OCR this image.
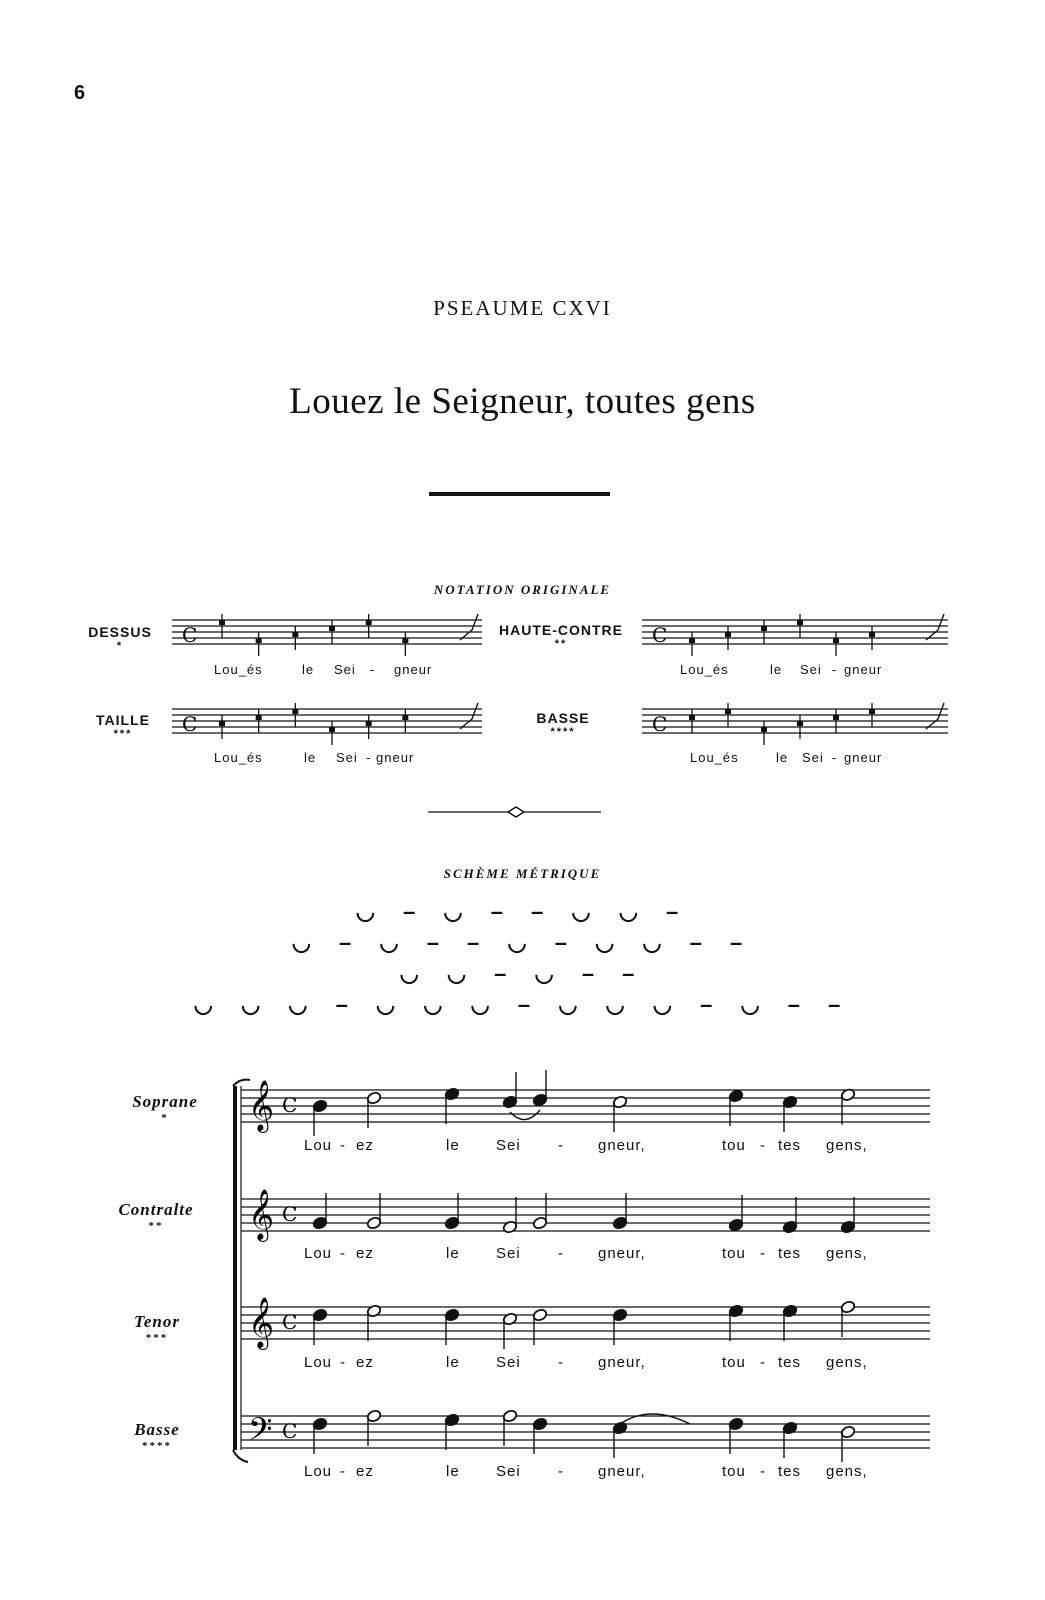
6
PSEAUME CXVI
Louez le Seigneur, toutes gens
NOTATION ORIGINALE
DESSUS
*
HAUTE-CONTRE
**
TAILLE
***
BASSE
****
Lou_és	le Sei - gneur	Lou_és	le Sei - gneur
Lou_és	le Sei - gneur	Lou_és	le Sei - gneur
SCHÈME MÉTRIQUE
◡ – ◡ – – ◡ ◡ –
◡ – ◡ – – ◡ – ◡ ◡ – –
◡ ◡ – ◡ – –
◡ ◡ ◡ – ◡ ◡ ◡ – ◡ ◡ ◡ – ◡ – –
Soprane
*
Contralte
**
Tenor
***
Basse
****
Lou - ez	le Sei - gneur,	tou - tes gens,
Lou - ez	le Sei - gneur,	tou - tes gens,
Lou - ez	le Sei - gneur,	tou - tes gens,
Lou - ez	le Sei - gneur,	tou - tes gens,
C	C
C	C
𝄞 C
𝄞 C
𝄞 C
𝄢 C
